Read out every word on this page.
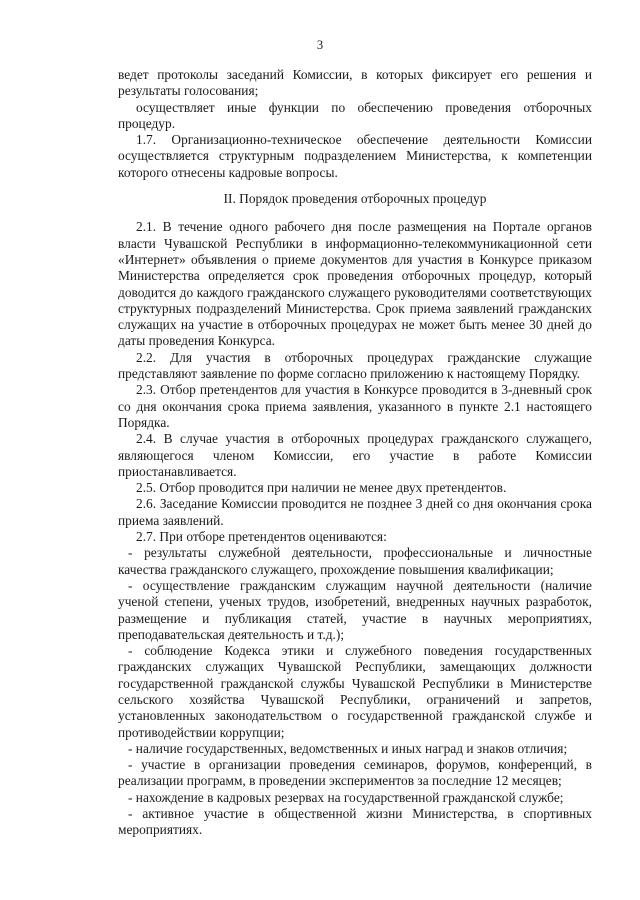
3

ведет протоколы заседаний Комиссии, в которых фиксирует его решения и результаты голосования;

осуществляет иные функции по обеспечению проведения отборочных процедур.

1.7. Организационно-техническое обеспечение деятельности Комиссии осуществляется структурным подразделением Министерства, к компетенции которого отнесены кадровые вопросы.

II. Порядок проведения отборочных процедур

2.1. В течение одного рабочего дня после размещения на Портале органов власти Чувашской Республики в информационно-телекоммуникационной сети «Интернет» объявления о приеме документов для участия в Конкурсе приказом Министерства определяется срок проведения отборочных процедур, который доводится до каждого гражданского служащего руководителями соответствующих структурных подразделений Министерства. Срок приема заявлений гражданских служащих на участие в отборочных процедурах не может быть менее 30 дней до даты проведения Конкурса.

2.2. Для участия в отборочных процедурах гражданские служащие представляют заявление по форме согласно приложению к настоящему Порядку.

2.3. Отбор претендентов для участия в Конкурсе проводится в 3-дневный срок со дня окончания срока приема заявления, указанного в пункте 2.1 настоящего Порядка.

2.4. В случае участия в отборочных процедурах гражданского служащего, являющегося членом Комиссии, его участие в работе Комиссии приостанавливается.

2.5. Отбор проводится при наличии не менее двух претендентов.

2.6. Заседание Комиссии проводится не позднее 3 дней со дня окончания срока приема заявлений.

2.7. При отборе претендентов оцениваются:

- результаты служебной деятельности, профессиональные и личностные качества гражданского служащего, прохождение повышения квалификации;

- осуществление гражданским служащим научной деятельности (наличие ученой степени, ученых трудов, изобретений, внедренных научных разработок, размещение и публикация статей, участие в научных мероприятиях, преподавательская деятельность и т.д.);

- соблюдение Кодекса этики и служебного поведения государственных гражданских служащих Чувашской Республики, замещающих должности государственной гражданской службы Чувашской Республики в Министерстве сельского хозяйства Чувашской Республики, ограничений и запретов, установленных законодательством о государственной гражданской службе и противодействии коррупции;

- наличие государственных, ведомственных и иных наград и знаков отличия;

- участие в организации проведения семинаров, форумов, конференций, в реализации программ, в проведении экспериментов за последние 12 месяцев;

- нахождение в кадровых резервах на государственной гражданской службе;

- активное участие в общественной жизни Министерства, в спортивных мероприятиях.
